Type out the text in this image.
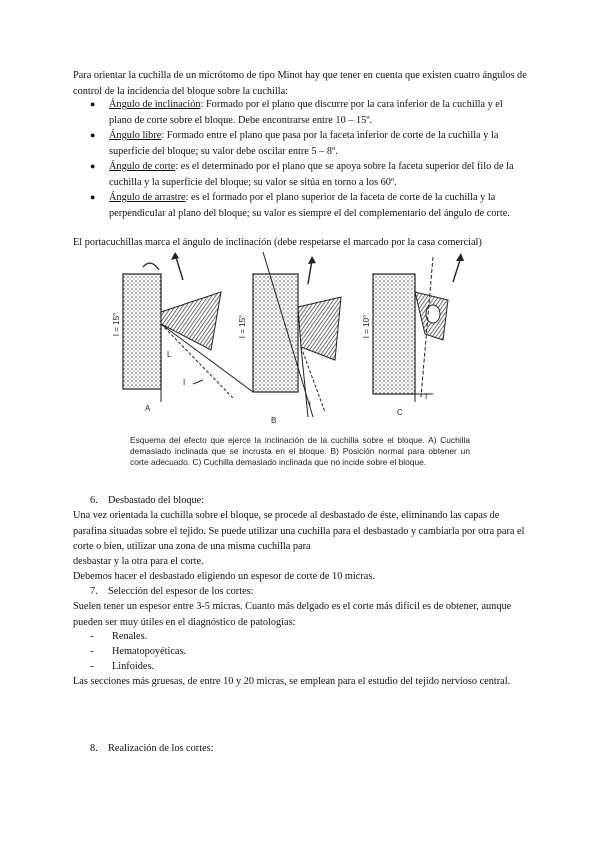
Para orientar la cuchilla de un micrótomo de tipo Minot hay que tener en cuenta que existen cuatro ángulos de control de la incidencia del bloque sobre la cuchilla:

● Ángulo de inclinación: Formado por el plano que discurre por la cara inferior de la cuchilla y el plano de corte sobre el bloque. Debe encontrarse entre 10 – 15º.
● Ángulo libre: Formado entre el plano que pasa por la faceta inferior de corte de la cuchilla y la superficie del bloque; su valor debe oscilar entre 5 – 8º.
● Ángulo de corte: es el determinado por el plano que se apoya sobre la faceta superior del filo de la cuchilla y la superficie del bloque; su valor se sitúa en torno a los 60º.
● Ángulo de arrastre: es el formado por el plano superior de la faceta de corte de la cuchilla y la perpendicular al plano del bloque; su valor es siempre el del complementario del ángulo de corte.

El portacuchillas marca el ángulo de inclinación (debe respetarse el marcado por la casa comercial)

I = 15°	I = 15°	I = 10°
L
I
l
I
A
B
C
Esquema del efecto que ejerce la inclinación de la cuchilla sobre el bloque. A) Cuchilla demasiado inclinada que se incrusta en el bloque. B) Posición normal para obtener un corte adecuado. C) Cuchilla demasiado inclinada que no incide sobre el bloque.
6. Desbastado del bloque:

Una vez orientada la cuchilla sobre el bloque, se procede al desbastado de éste, eliminando las capas de parafina situadas sobre el tejido. Se puede utilizar una cuchilla para el desbastado y cambiarla por otra para el corte o bien, utilizar una zona de una misma cuchilla para

desbastar y la otra para el corte.

Debemos hacer el desbastado eligiendo un espesor de corte de 10 micras.

7. Selección del espesor de los cortes:

Suelen tener un espesor entre 3-5 micras. Cuanto más delgado es el corte más difícil es de obtener, aunque pueden ser muy útiles en el diagnóstico de patologías:

- Renales.
- Hematopoyéticas.
- Linfoides.

Las secciones más gruesas, de entre 10 y 20 micras, se emplean para el estudio del tejido nervioso central.

8. Realización de los cortes:
